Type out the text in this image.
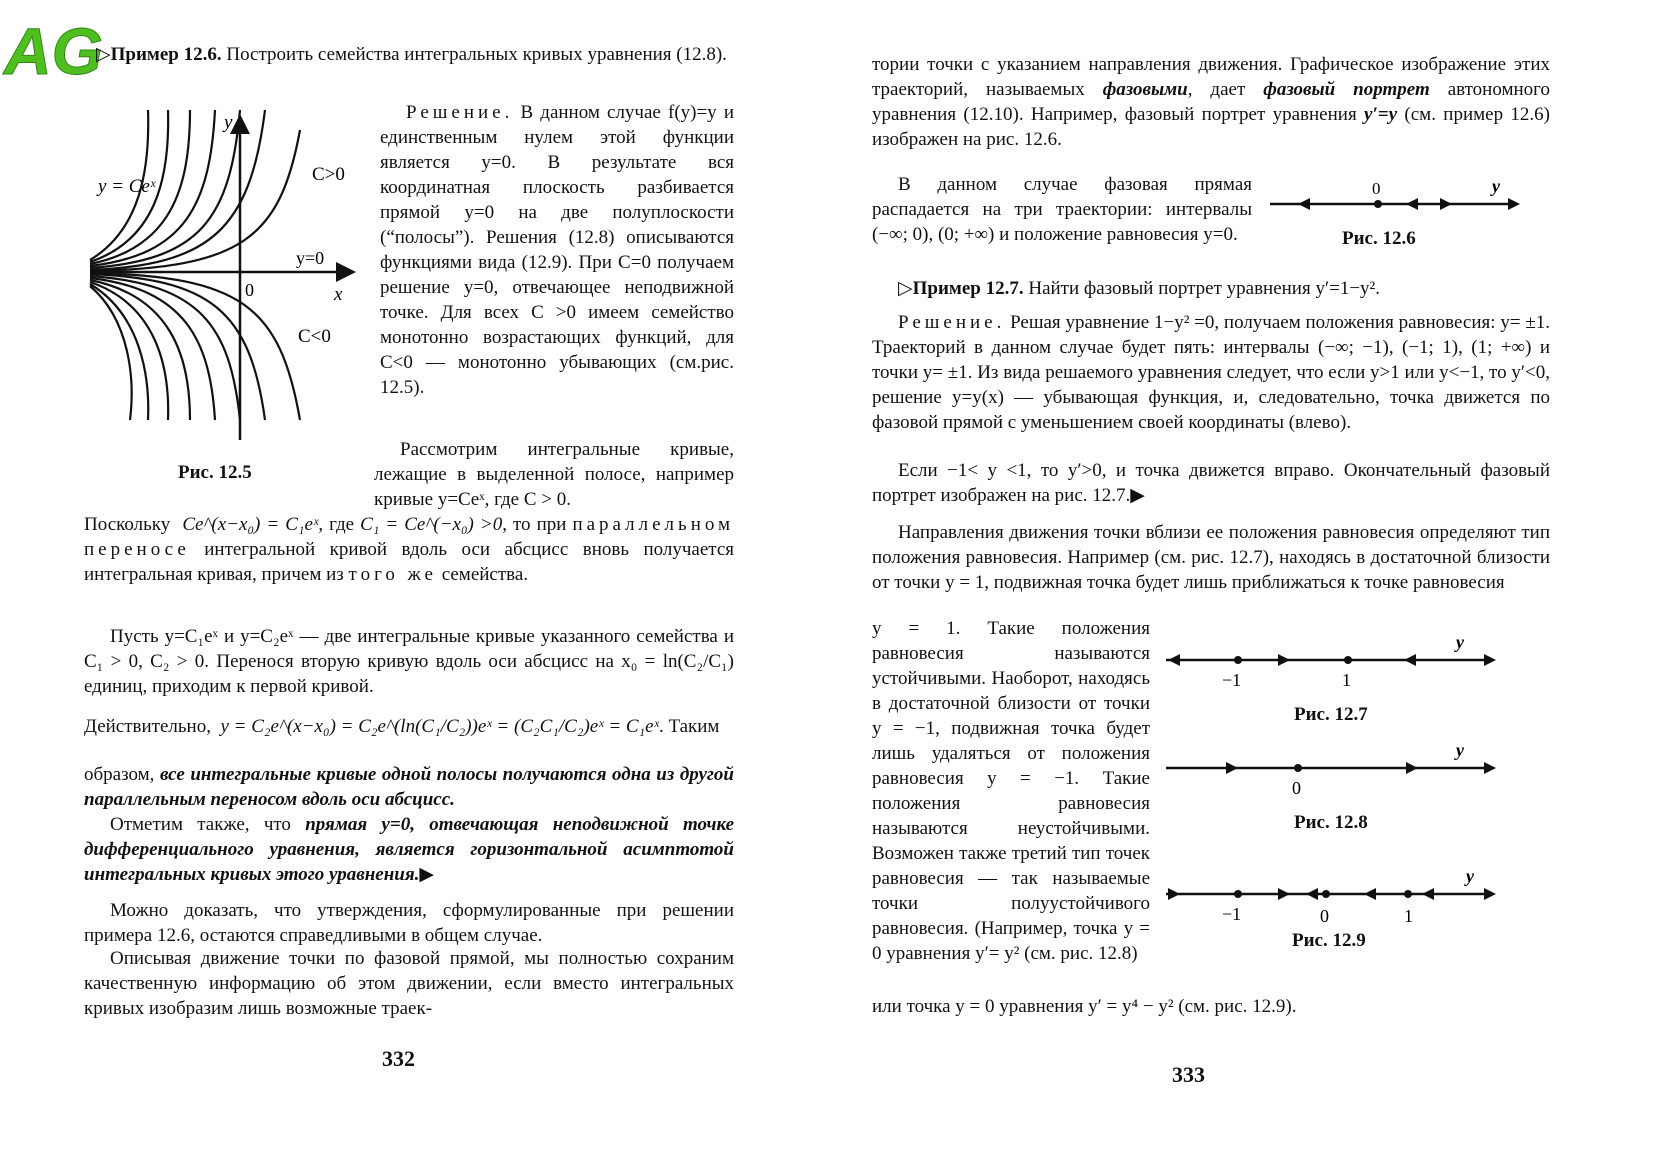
AG
▷Пример 12.6. Построить семейства интегральных кривых уравнения (12.8).
y = Ceˣ
C>0
y=0
0	x
y
C<0
Рис. 12.5
Решение. В данном случае f(y)=y и единственным нулем этой функции является y=0. В результате вся координатная плоскость разбивается прямой y=0 на две полуплоскости (“полосы”). Решения (12.8) описываются функциями вида (12.9). При C=0 получаем решение y=0, отвечающее неподвижной точке. Для всех C >0 имеем семейство монотонно возрастающих функций, для C<0 — монотонно убывающих (см.рис. 12.5).
Рассмотрим интегральные кривые, лежащие в выделенной полосе, например кривые y=Ceˣ, где C > 0.
Поскольку Ce^(x−x₀) = C₁eˣ, где C₁ = Ce^(−x₀) >0, то при параллельном переносе интегральной кривой вдоль оси абсцисс вновь получается интегральная кривая, причем из того же семейства.
Пусть y=C₁eˣ и y=C₂eˣ — две интегральные кривые указанного семейства и C₁ > 0, C₂ > 0. Перенося вторую кривую вдоль оси абсцисс на x₀ = ln(C₂/C₁) единиц, приходим к первой кривой.
Действительно, y = C₂e^(x−x₀) = C₂e^(ln(C₁/C₂))eˣ = (C₂C₁/C₂)eˣ = C₁eˣ. Таким
образом, все интегральные кривые одной полосы получаются одна из другой параллельным переносом вдоль оси абсцисс.
Отметим также, что прямая y=0, отвечающая неподвижной точке дифференциального уравнения, является горизонтальной асимптотой интегральных кривых этого уравнения.▶
Можно доказать, что утверждения, сформулированные при решении примера 12.6, остаются справедливыми в общем случае.
Описывая движение точки по фазовой прямой, мы полностью сохраним качественную информацию об этом движении, если вместо интегральных кривых изобразим лишь возможные траек-
332
тории точки с указанием направления движения. Графическое изображение этих траекторий, называемых фазовыми, дает фазовый портрет автономного уравнения (12.10). Например, фазовый портрет уравнения y′=y (см. пример 12.6) изображен на рис. 12.6.
В данном случае фазовая прямая распадается на три траектории: интервалы (−∞; 0), (0; +∞) и положение равновесия y=0.
0	y
Рис. 12.6
▷Пример 12.7. Найти фазовый портрет уравнения y′=1−y².
Решение. Решая уравнение 1−y² =0, получаем положения равновесия: y= ±1. Траекторий в данном случае будет пять: интервалы (−∞; −1), (−1; 1), (1; +∞) и точки y= ±1. Из вида решаемого уравнения следует, что если y>1 или y<−1, то y′<0, решение y=y(x) — убывающая функция, и, следовательно, точка движется по фазовой прямой с уменьшением своей координаты (влево).
Если −1< y <1, то y′>0, и точка движется вправо. Окончательный фазовый портрет изображен на рис. 12.7.▶
Направления движения точки вблизи ее положения равновесия определяют тип положения равновесия. Например (см. рис. 12.7), находясь в достаточной близости от точки y = 1, подвижная точка будет лишь приближаться к точке равновесия
y = 1. Такие положения равновесия называются устойчивыми. Наоборот, находясь в достаточной близости от точки y = −1, подвижная точка будет лишь удаляться от положения равновесия y = −1. Такие положения равновесия называются неустойчивыми. Возможен также третий тип точек равновесия — так называемые точки полуустойчивого равновесия. (Например, точка y = 0 уравнения y′= y² (см. рис. 12.8)
или точка y = 0 уравнения y′ = y⁴ − y² (см. рис. 12.9).
−1	1
y
Рис. 12.7
0
y
Рис. 12.8
−1	0	1
y
Рис. 12.9
333
